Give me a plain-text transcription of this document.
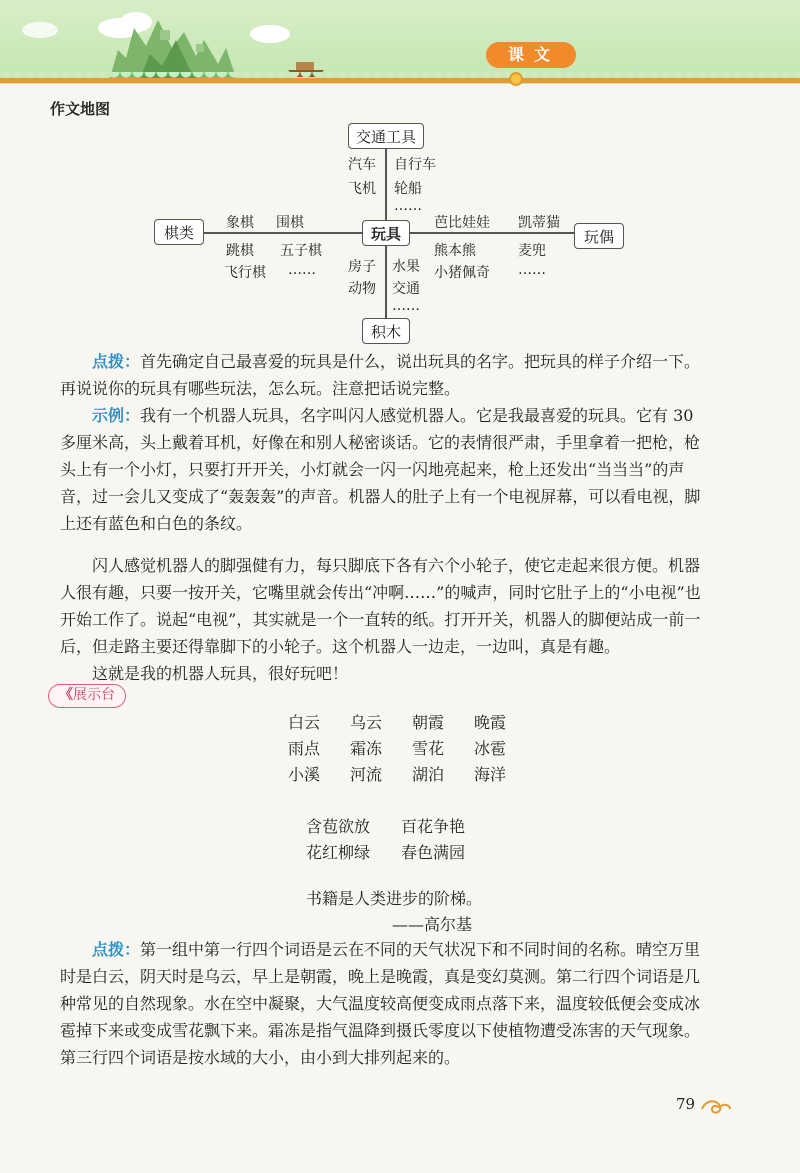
课文
作文地图
玩具
交通工具
棋类	玩偶
积木
汽车 自行车
飞机 轮船
……
象棋 围棋
跳棋 五子棋
飞行棋 ……
芭比娃娃 凯蒂猫
熊本熊	麦兜
小猪佩奇 ……
房子 水果
动物 交通
……

点拨：首先确定自己最喜爱的玩具是什么，说出玩具的名字。把玩具的样子介绍一下。再说说你的玩具有哪些玩法，怎么玩。注意把话说完整。

示例：我有一个机器人玩具，名字叫闪人感觉机器人。它是我最喜爱的玩具。它有 30 多厘米高，头上戴着耳机，好像在和别人秘密谈话。它的表情很严肃，手里拿着一把枪，枪头上有一个小灯，只要打开开关，小灯就会一闪一闪地亮起来，枪上还发出“当当当”的声音，过一会儿又变成了“轰轰轰”的声音。机器人的肚子上有一个电视屏幕，可以看电视，脚上还有蓝色和白色的条纹。

闪人感觉机器人的脚强健有力，每只脚底下各有六个小轮子，使它走起来很方便。机器人很有趣，只要一按开关，它嘴里就会传出“冲啊……”的喊声，同时它肚子上的“小电视”也开始工作了。说起“电视”，其实就是一个一直转的纸。打开开关，机器人的脚便站成一前一后，但走路主要还得靠脚下的小轮子。这个机器人一边走，一边叫，真是有趣。

这就是我的机器人玩具，很好玩吧！

《展示台
白云 乌云 朝霞 晚霞
雨点 霜冻 雪花 冰雹
小溪 河流 湖泊 海洋
含苞欲放 百花争艳
花红柳绿 春色满园
书籍是人类进步的阶梯。
——高尔基

点拨：第一组中第一行四个词语是云在不同的天气状况下和不同时间的名称。晴空万里时是白云，阴天时是乌云，早上是朝霞，晚上是晚霞，真是变幻莫测。第二行四个词语是几种常见的自然现象。水在空中凝聚，大气温度较高便变成雨点落下来，温度较低便会变成冰雹掉下来或变成雪花飘下来。霜冻是指气温降到摄氏零度以下使植物遭受冻害的天气现象。第三行四个词语是按水域的大小，由小到大排列起来的。

79
